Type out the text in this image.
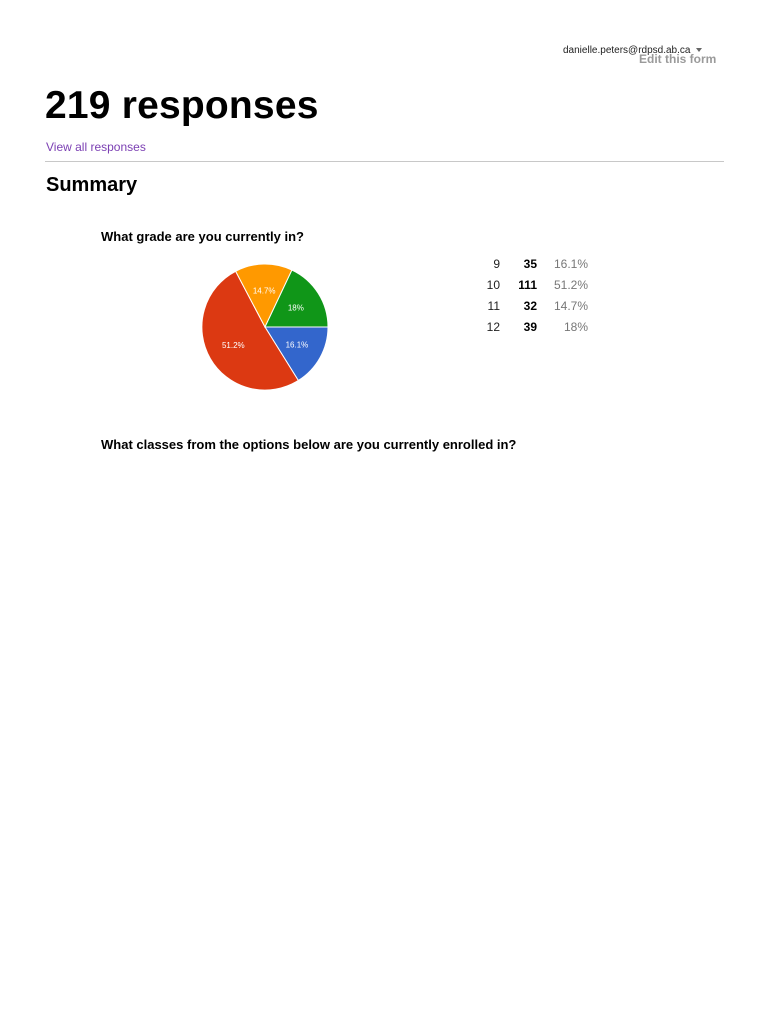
danielle.peters@rdpsd.ab.ca
Edit this form
219 responses
View all responses
Summary
What grade are you currently in?
16.1%
51.2%
14.7%
18%
9	35	16.1%
10	111	51.2%
11	32	14.7%
12	39	18%
What classes from the options below are you currently enrolled in?
